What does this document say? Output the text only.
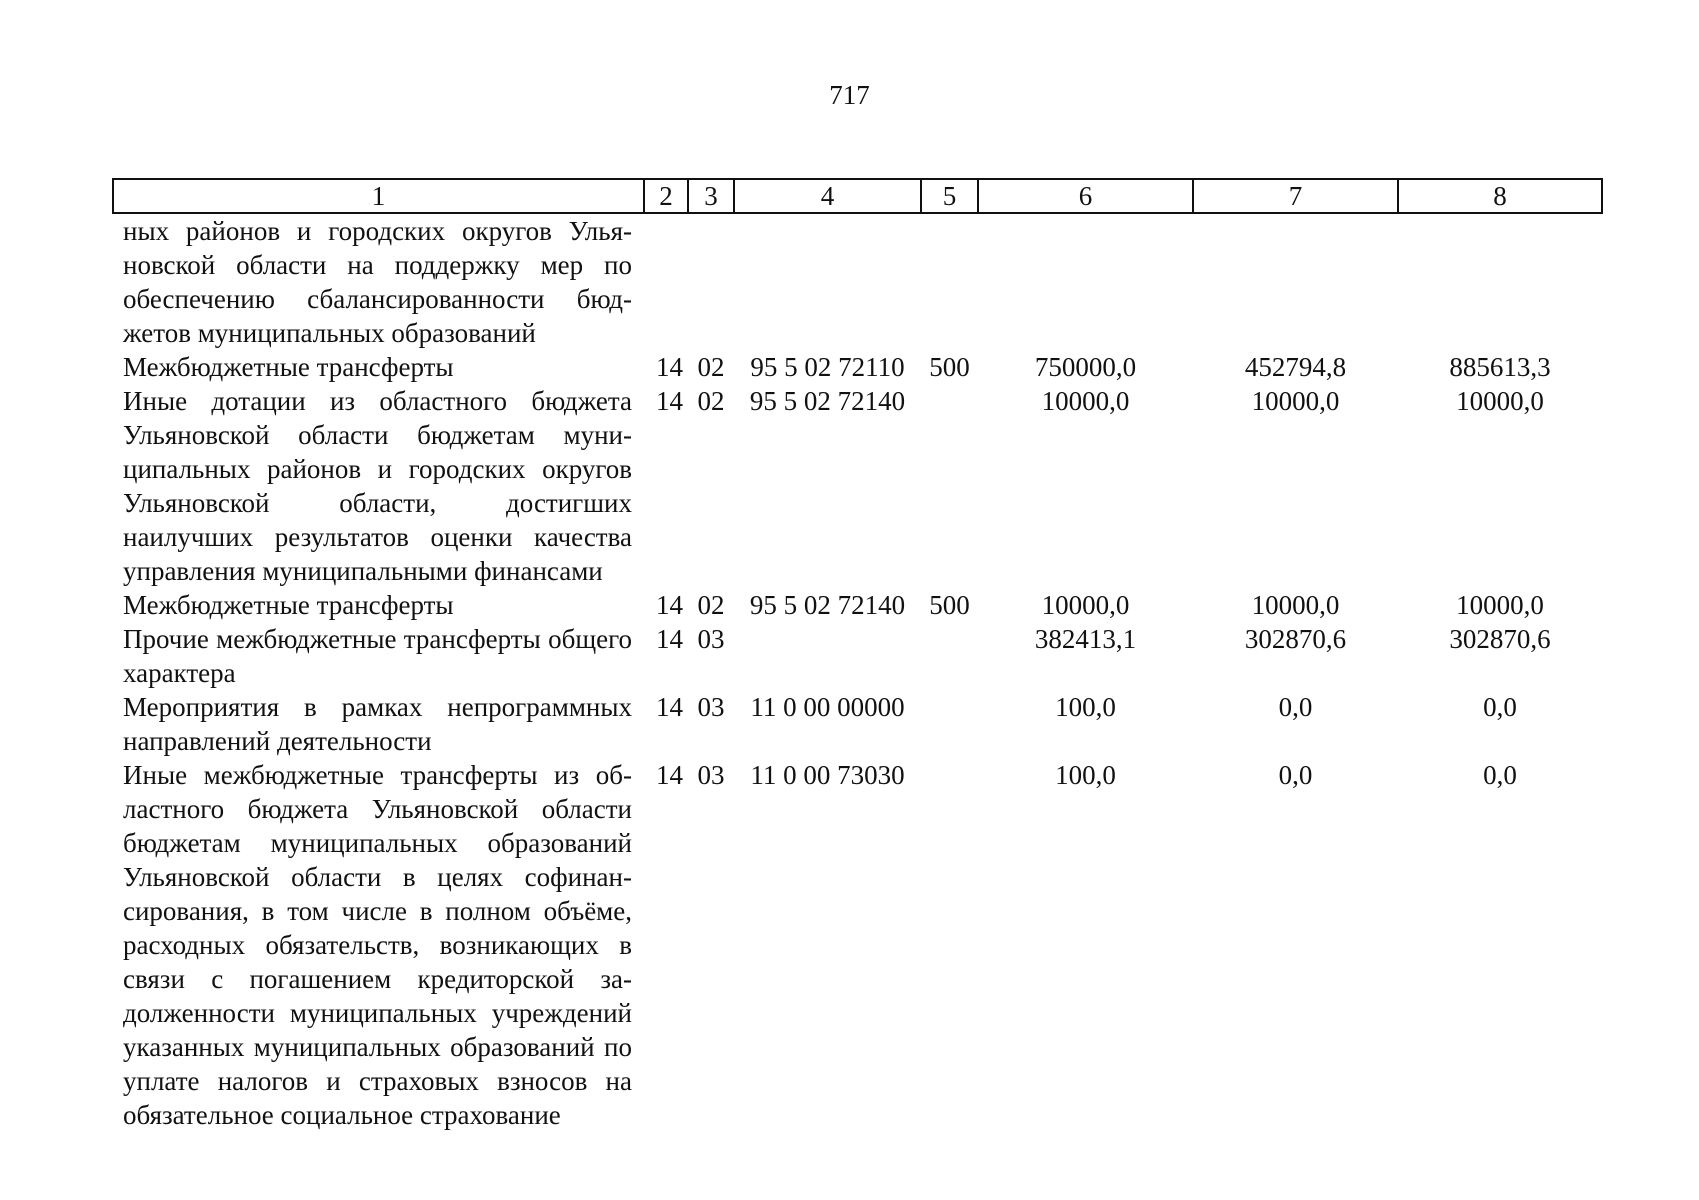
717
1	2	3	4	5	6	7	8
ных районов и городских округов Ульяновской области на поддержку мер по обеспечению сбалансированности бюджетов муниципальных образований							
Межбюджетные трансферты	14	02	95 5 02 72110	500	750000,0	452794,8	885613,3
Иные дотации из областного бюджета Ульяновской области бюджетам муниципальных районов и городских округов Ульяновской области, достигших наилучших результатов оценки качества управления муниципальными финансами	14	02	95 5 02 72140		10000,0	10000,0	10000,0
Межбюджетные трансферты	14	02	95 5 02 72140	500	10000,0	10000,0	10000,0
Прочие межбюджетные трансферты общего характера	14	03			382413,1	302870,6	302870,6
Мероприятия в рамках непрограммных направлений деятельности	14	03	11 0 00 00000		100,0	0,0	0,0
Иные межбюджетные трансферты из областного бюджета Ульяновской области бюджетам муниципальных образований Ульяновской области в целях софинансирования, в том числе в полном объёме, расходных обязательств, возникающих в связи с погашением кредиторской задолженности муниципальных учреждений указанных муниципальных образований по уплате налогов и страховых взносов на обязательное социальное страхование	14	03	11 0 00 73030		100,0	0,0	0,0
